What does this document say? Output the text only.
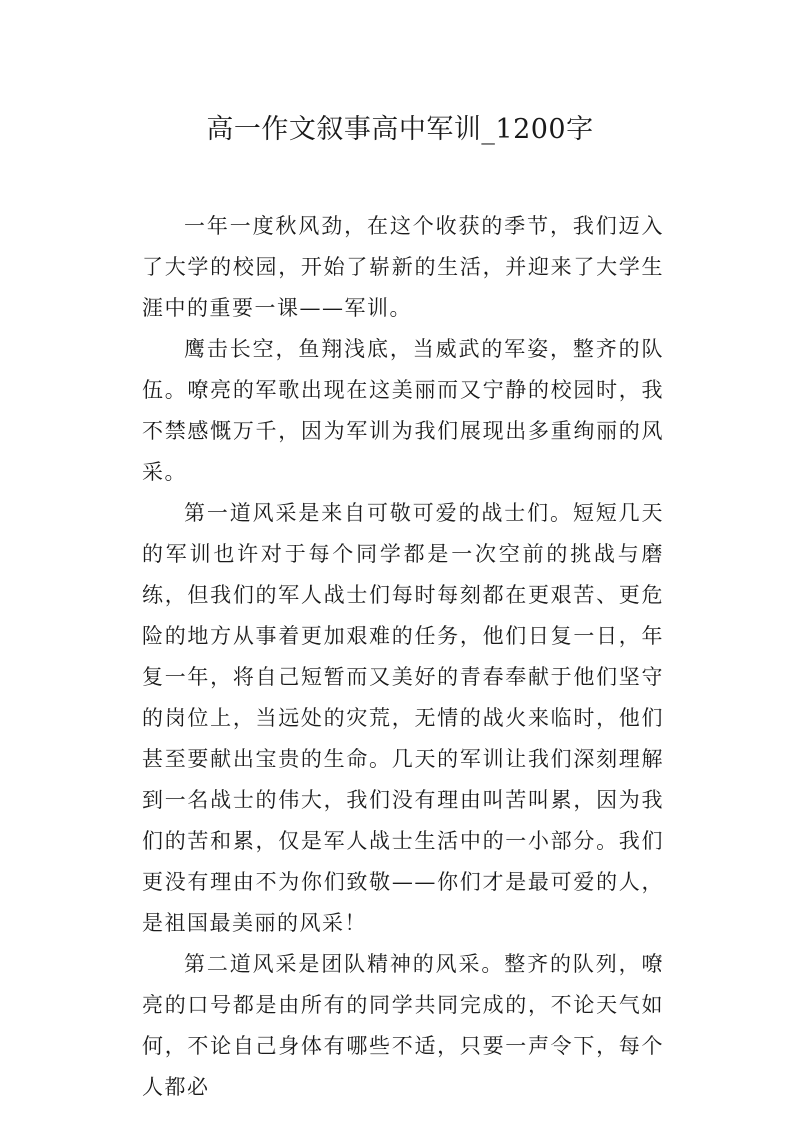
高一作文叙事高中军训_1200字

一年一度秋风劲，在这个收获的季节，我们迈入了大学的校园，开始了崭新的生活，并迎来了大学生涯中的重要一课——军训。

鹰击长空，鱼翔浅底，当威武的军姿，整齐的队伍。嘹亮的军歌出现在这美丽而又宁静的校园时，我不禁感慨万千，因为军训为我们展现出多重绚丽的风采。

第一道风采是来自可敬可爱的战士们。短短几天的军训也许对于每个同学都是一次空前的挑战与磨练，但我们的军人战士们每时每刻都在更艰苦、更危险的地方从事着更加艰难的任务，他们日复一日，年复一年，将自己短暂而又美好的青春奉献于他们坚守的岗位上，当远处的灾荒，无情的战火来临时，他们甚至要献出宝贵的生命。几天的军训让我们深刻理解到一名战士的伟大，我们没有理由叫苦叫累，因为我们的苦和累，仅是军人战士生活中的一小部分。我们更没有理由不为你们致敬——你们才是最可爱的人，是祖国最美丽的风采！

第二道风采是团队精神的风采。整齐的队列，嘹亮的口号都是由所有的同学共同完成的，不论天气如何，不论自己身体有哪些不适，只要一声令下，每个人都必
